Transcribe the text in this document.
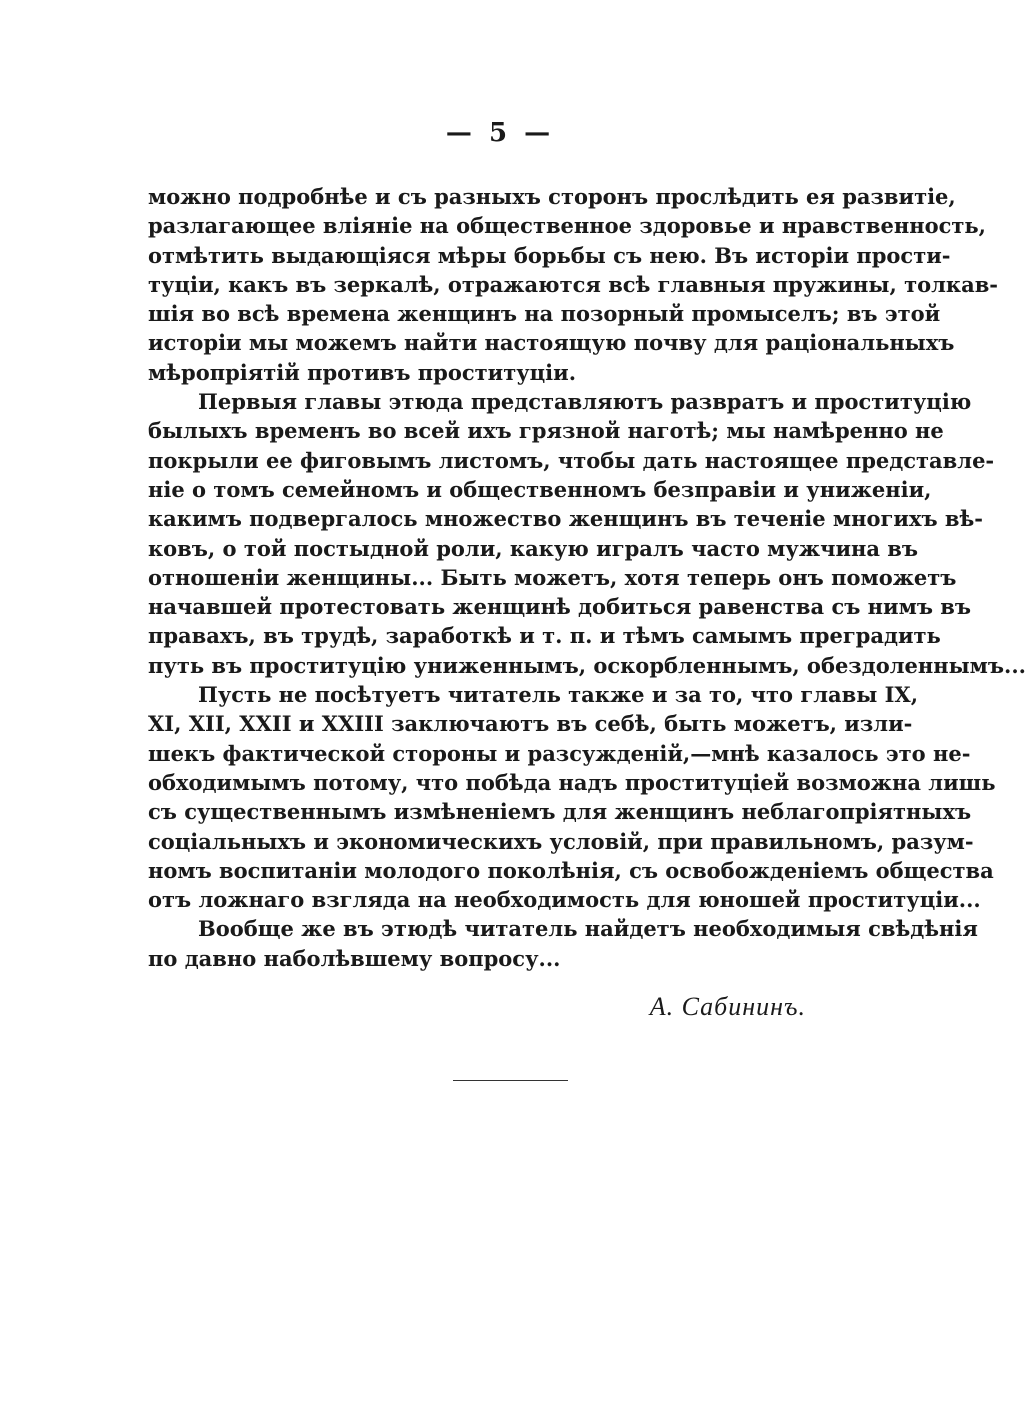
— 5 —
можно подробнѣе и съ разныхъ сторонъ прослѣдить ея развитіе,
разлагающее вліяніе на общественное здоровье и нравственность,
отмѣтить выдающіяся мѣры борьбы съ нею. Въ исторіи прости-
туціи, какъ въ зеркалѣ, отражаются всѣ главныя пружины, толкав-
шія во всѣ времена женщинъ на позорный промыселъ; въ этой
исторіи мы можемъ найти настоящую почву для раціональныхъ
мѣропріятій противъ проституціи.
Первыя главы этюда представляютъ развратъ и проституцію
былыхъ временъ во всей ихъ грязной наготѣ; мы намѣренно не
покрыли ее фиговымъ листомъ, чтобы дать настоящее представле-
ніе о томъ семейномъ и общественномъ безправіи и униженіи,
какимъ подвергалось множество женщинъ въ теченіе многихъ вѣ-
ковъ, о той постыдной роли, какую игралъ часто мужчина въ
отношеніи женщины... Быть можетъ, хотя теперь онъ поможетъ
начавшей протестовать женщинѣ добиться равенства съ нимъ въ
правахъ, въ трудѣ, заработкѣ и т. п. и тѣмъ самымъ преградить
путь въ проституцію униженнымъ, оскорбленнымъ, обездоленнымъ...
Пусть не посѣтуетъ читатель также и за то, что главы IX,
XI, XII, XXII и XXIII заключаютъ въ себѣ, быть можетъ, изли-
шекъ фактической стороны и разсужденій,—мнѣ казалось это не-
обходимымъ потому, что побѣда надъ проституціей возможна лишь
съ существеннымъ измѣненіемъ для женщинъ неблагопріятныхъ
соціальныхъ и экономическихъ условій, при правильномъ, разум-
номъ воспитаніи молодого поколѣнія, съ освобожденіемъ общества
отъ ложнаго взгляда на необходимость для юношей проституціи...
Вообще же въ этюдѣ читатель найдетъ необходимыя свѣдѣнія
по давно наболѣвшему вопросу...
А. Сабининъ.
